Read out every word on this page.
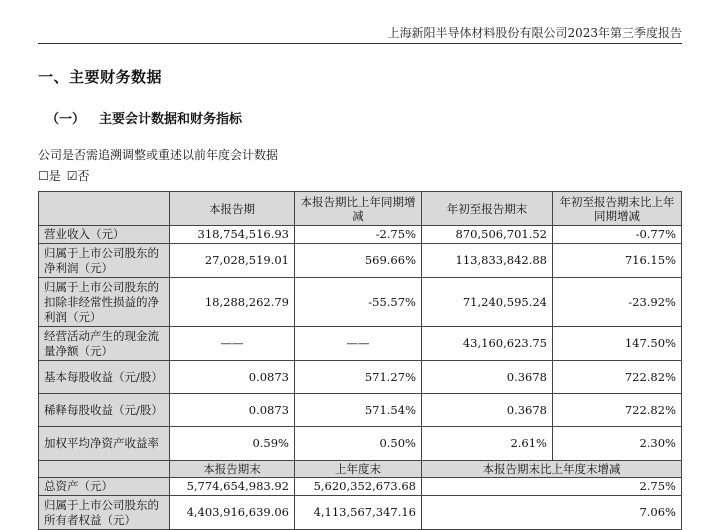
上海新阳半导体材料股份有限公司2023年第三季度报告
一、主要财务数据
（一） 主要会计数据和财务指标
公司是否需追溯调整或重述以前年度会计数据
☐是 ☑否
	本报告期	本报告期比上年同期增减	年初至报告期末	年初至报告期末比上年同期增减
营业收入（元）	318,754,516.93	-2.75%	870,506,701.52	-0.77%
归属于上市公司股东的净利润（元）	27,028,519.01	569.66%	113,833,842.88	716.15%
归属于上市公司股东的扣除非经常性损益的净利润（元）	18,288,262.79	-55.57%	71,240,595.24	-23.92%
经营活动产生的现金流量净额（元）	——	——	43,160,623.75	147.50%
基本每股收益（元/股）	0.0873	571.27%	0.3678	722.82%
稀释每股收益（元/股）	0.0873	571.54%	0.3678	722.82%
加权平均净资产收益率	0.59%	0.50%	2.61%	2.30%
	本报告期末	上年度末	本报告期末比上年度末增减	
总资产（元）	5,774,654,983.92	5,620,352,673.68	2.75%	
归属于上市公司股东的所有者权益（元）	4,403,916,639.06	4,113,567,347.16	7.06%	
